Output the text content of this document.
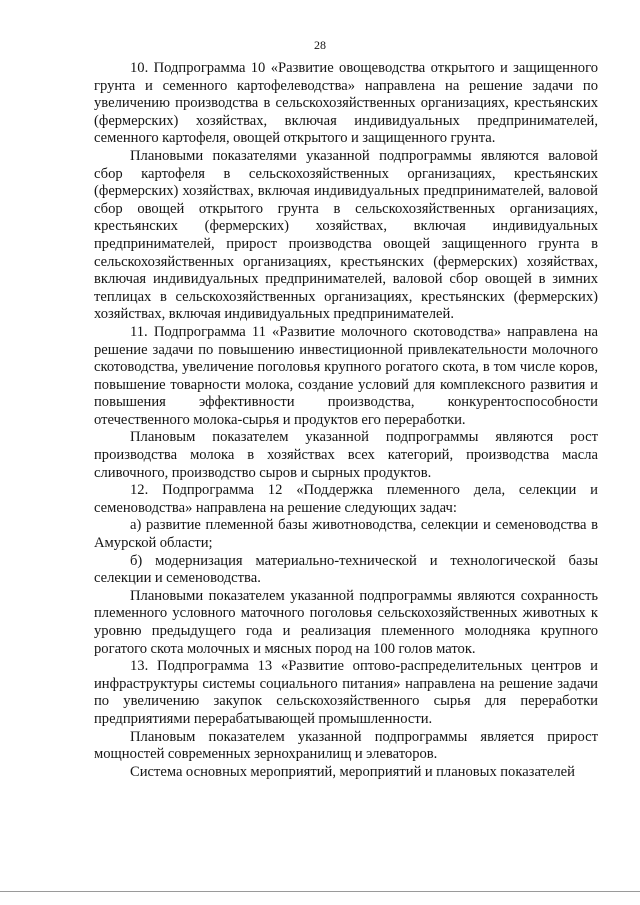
28

10. Подпрограмма 10 «Развитие овощеводства открытого и защищенного грунта и семенного картофелеводства» направлена на решение задачи по увеличению производства в сельскохозяйственных организациях, крестьянских (фермерских) хозяйствах, включая индивидуальных предпринимателей, семенного картофеля, овощей открытого и защищенного грунта.

Плановыми показателями указанной подпрограммы являются валовой сбор картофеля в сельскохозяйственных организациях, крестьянских (фермерских) хозяйствах, включая индивидуальных предпринимателей, валовой сбор овощей открытого грунта в сельскохозяйственных организациях, крестьянских (фермерских) хозяйствах, включая индивидуальных предпринимателей, прирост производства овощей защищенного грунта в сельскохозяйственных организациях, крестьянских (фермерских) хозяйствах, включая индивидуальных предпринимателей, валовой сбор овощей в зимних теплицах в сельскохозяйственных организациях, крестьянских (фермерских) хозяйствах, включая индивидуальных предпринимателей.

11. Подпрограмма 11 «Развитие молочного скотоводства» направлена на решение задачи по повышению инвестиционной привлекательности молочного скотоводства, увеличение поголовья крупного рогатого скота, в том числе коров, повышение товарности молока, создание условий для комплексного развития и повышения эффективности производства, конкурентоспособности отечественного молока-сырья и продуктов его переработки.

Плановым показателем указанной подпрограммы являются рост производства молока в хозяйствах всех категорий, производства масла сливочного, производство сыров и сырных продуктов.

12. Подпрограмма 12 «Поддержка племенного дела, селекции и семеноводства» направлена на решение следующих задач:

а) развитие племенной базы животноводства, селекции и семеноводства в Амурской области;

б) модернизация материально-технической и технологической базы селекции и семеноводства.

Плановыми показателем указанной подпрограммы являются сохранность племенного условного маточного поголовья сельскохозяйственных животных к уровню предыдущего года и реализация племенного молодняка крупного рогатого скота молочных и мясных пород на 100 голов маток.

13. Подпрограмма 13 «Развитие оптово-распределительных центров и инфраструктуры системы социального питания» направлена на решение задачи по увеличению закупок сельскохозяйственного сырья для переработки предприятиями перерабатывающей промышленности.

Плановым показателем указанной подпрограммы является прирост мощностей современных зернохранилищ и элеваторов.

Система основных мероприятий, мероприятий и плановых показателей
